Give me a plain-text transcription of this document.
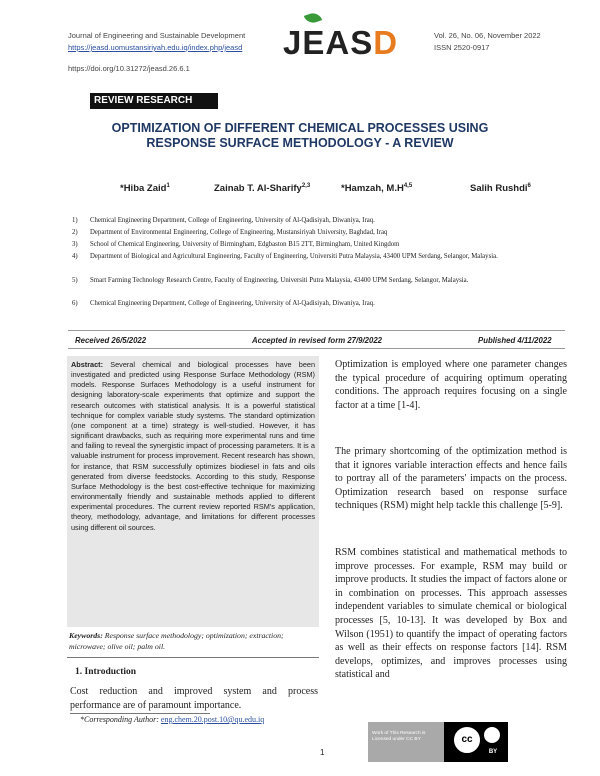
Journal of Engineering and Sustainable Development
https://jeasd.uomustansiriyah.edu.iq/index.php/jeasd
https://doi.org/10.31272/jeasd.26.6.1
Vol. 26, No. 06, November 2022
ISSN 2520-0917
JEASD
REVIEW RESEARCH
OPTIMIZATION OF DIFFERENT CHEMICAL PROCESSES USING
RESPONSE SURFACE METHODOLOGY - A REVIEW
*Hiba Zaid$^1$	Zainab T. Al-Sharify$^{2,3}$	*Hamzah, $M.H^{4,5}$	Salih Rushdi$^6$
1) Chemical Engineering Department, College of Engineering, University of Al-Qadisiyah, Diwaniya, Iraq.
2) Department of Environmental Engineering, College of Engineering, Mustansiriyah University, Baghdad, Iraq
3) School of Chemical Engineering, University of Birmingham, Edgbaston B15 2TT, Birmingham, United Kingdom
4) Department of Biological and Agricultural Engineering, Faculty of Engineering, Universiti Putra Malaysia, 43400 UPM Serdang, Selangor, Malaysia.
5) Smart Farming Technology Research Centre, Faculty of Engineering, Universiti Putra Malaysia, 43400 UPM Serdang, Selangor, Malaysia.
6) Chemical Engineering Department, College of Engineering, University of Al-Qadisiyah, Diwaniya, Iraq.
Received 26/5/2022	Accepted in revised form 27/9/2022	Published 4/11/2022
Abstract: Several chemical and biological processes have been investigated and predicted using Response Surface Methodology (RSM) models. Response Surfaces Methodology is a useful instrument for designing laboratory-scale experiments that optimize and support the research outcomes with statistical analysis. It is a powerful statistical technique for complex variable study systems. The standard optimization (one component at a time) strategy is well-studied. However, it has significant drawbacks, such as requiring more experimental runs and time and failing to reveal the synergistic impact of processing parameters. It is a valuable instrument for process improvement. Recent research has shown, for instance, that RSM successfully optimizes biodiesel in fats and oils generated from diverse feedstocks. According to this study, Response Surface Methodology is the best cost-effective technique for maximizing environmentally friendly and sustainable methods applied to different experimental procedures. The current review reported RSM's application, theory, methodology, advantage, and limitations for different processes using different oil sources.
Keywords: Response surface methodology; optimization; extraction; microwave; olive oil; palm oil.
1. Introduction
Cost reduction and improved system and process performance are of paramount importance.
Optimization is employed where one parameter changes the typical procedure of acquiring optimum operating conditions. The approach requires focusing on a single factor at a time [1-4].
The primary shortcoming of the optimization method is that it ignores variable interaction effects and hence fails to portray all of the parameters' impacts on the process. Optimization research based on response surface techniques (RSM) might help tackle this challenge [5-9].
RSM combines statistical and mathematical methods to improve processes. For example, RSM may build or improve products. It studies the impact of factors alone or in combination on processes. This approach assesses independent variables to simulate chemical or biological processes [5, 10-13]. It was developed by Box and Wilson (1951) to quantify the impact of operating factors as well as their effects on response factors [14]. RSM develops, optimizes, and improves processes using statistical and
*Corresponding Author: eng.chem.20.post.10@qu.edu.iq
1
Work of This Research is Licensed under CC BY	cc
BY
